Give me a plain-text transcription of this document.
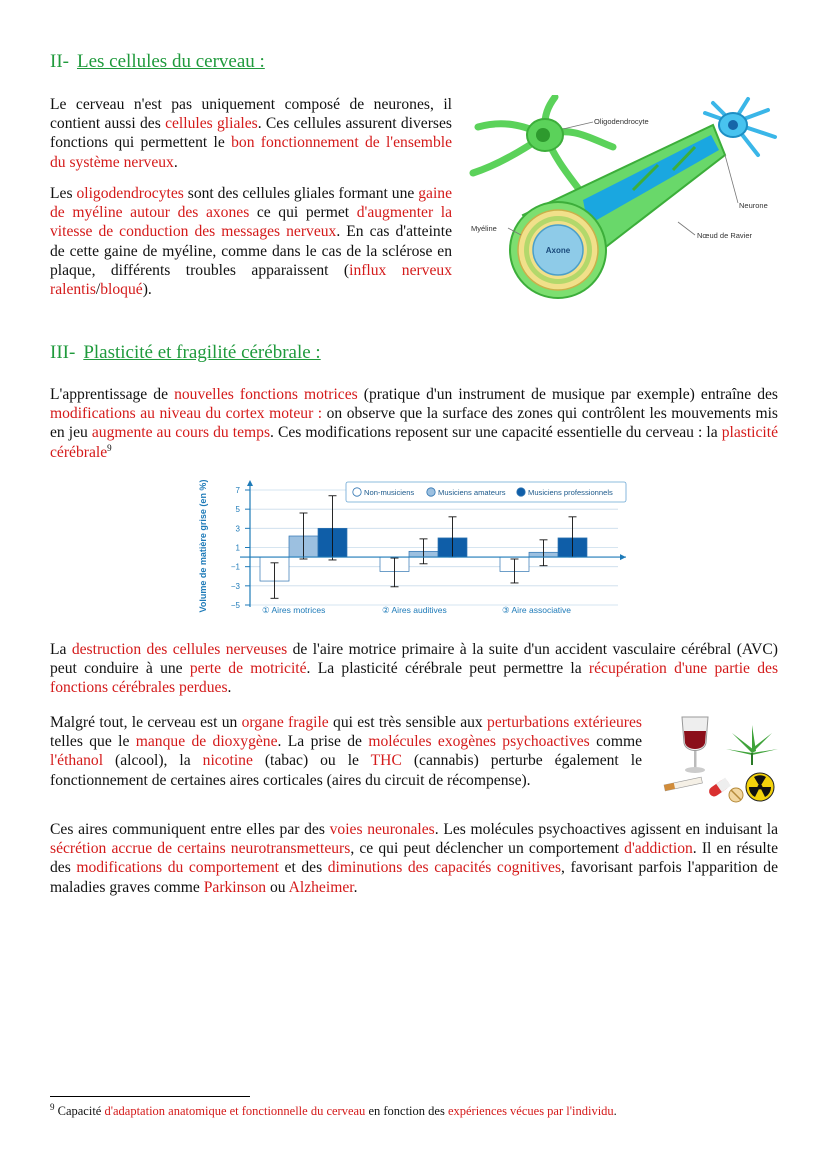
II- Les cellules du cerveau :

Le cerveau n'est pas uniquement composé de neurones, il contient aussi des cellules gliales. Ces cellules assurent diverses fonctions qui permettent le bon fonctionnement de l'ensemble du système nerveux.

Les oligodendrocytes sont des cellules gliales formant une gaine de myéline autour des axones ce qui permet d'augmenter la vitesse de conduction des messages nerveux. En cas d'atteinte de cette gaine de myéline, comme dans le cas de la sclérose en plaque, différents troubles apparaissent (influx nerveux ralentis/bloqué).

Oligodendrocyte
Neurone
Myéline
Nœud de Ravier
Axone
III- Plasticité et fragilité cérébrale :

L'apprentissage de nouvelles fonctions motrices (pratique d'un instrument de musique par exemple) entraîne des modifications au niveau du cortex moteur : on observe que la surface des zones qui contrôlent les mouvements mis en jeu augmente au cours du temps. Ces modifications reposent sur une capacité essentielle du cerveau : la plasticité cérébrale$^9$

7
5
3
1
−1
−3
−5	① Aires motrices	② Aires auditives	③ Aire associative
Non-musiciens	Musiciens amateurs	Musiciens professionnels
Volume de matière grise (en %)

La destruction des cellules nerveuses de l'aire motrice primaire à la suite d'un accident vasculaire cérébral (AVC) peut conduire à une perte de motricité. La plasticité cérébrale peut permettre la récupération d'une partie des fonctions cérébrales perdues.

Malgré tout, le cerveau est un organe fragile qui est très sensible aux perturbations extérieures telles que le manque de dioxygène. La prise de molécules exogènes psychoactives comme l'éthanol (alcool), la nicotine (tabac) ou le THC (cannabis) perturbe également le fonctionnement de certaines aires corticales (aires du circuit de récompense).

Ces aires communiquent entre elles par des voies neuronales. Les molécules psychoactives agissent en induisant la sécrétion accrue de certains neurotransmetteurs, ce qui peut déclencher un comportement d'addiction. Il en résulte des modifications du comportement et des diminutions des capacités cognitives, favorisant parfois l'apparition de maladies graves comme Parkinson ou Alzheimer.

$^9$ Capacité d'adaptation anatomique et fonctionnelle du cerveau en fonction des expériences vécues par l'individu.
